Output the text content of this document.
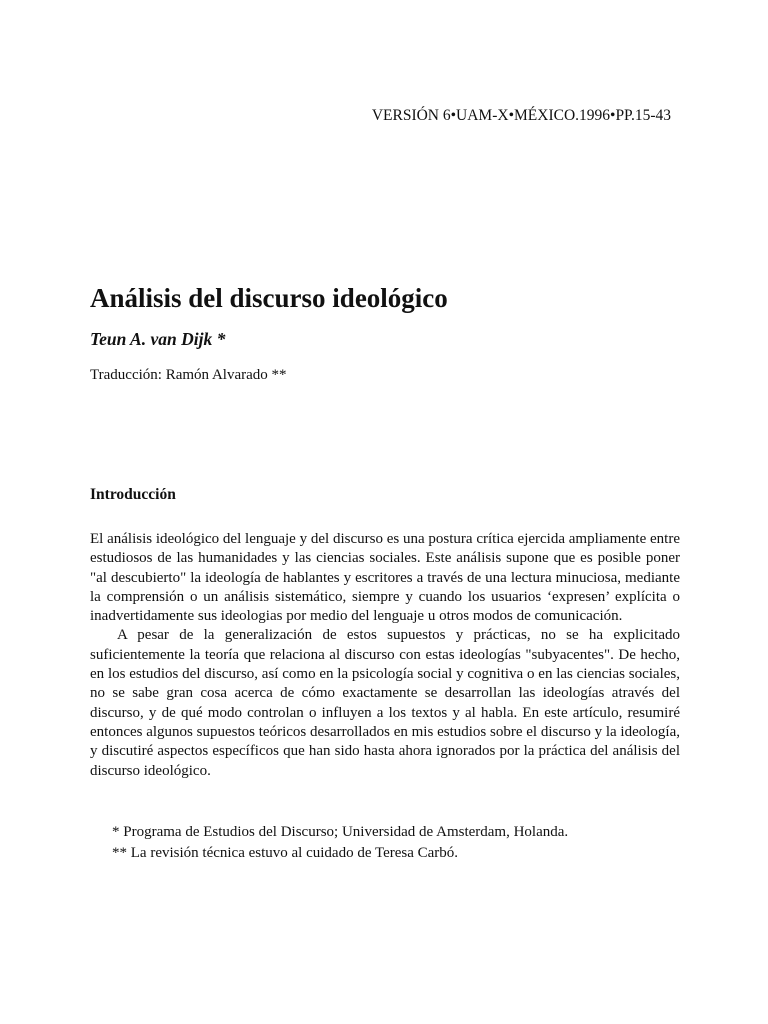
VERSIÓN 6•UAM-X•MÉXICO.1996•PP.15-43
Análisis del discurso ideológico
Teun A. van Dijk *
Traducción: Ramón Alvarado **
Introducción

El análisis ideológico del lenguaje y del discurso es una postura crítica ejercida ampliamente entre estudiosos de las humanidades y las ciencias sociales. Este análisis supone que es posible poner "al descubierto" la ideología de hablantes y escritores a través de una lectura minuciosa, mediante la comprensión o un análisis sistemático, siempre y cuando los usuarios ‘expresen’ explícita o inadvertidamente sus ideologias por medio del lenguaje u otros modos de comunicación.

A pesar de la generalización de estos supuestos y prácticas, no se ha explicitado suficientemente la teoría que relaciona al discurso con estas ideologías "subyacentes". De hecho, en los estudios del discurso, así como en la psicología social y cognitiva o en las ciencias sociales, no se sabe gran cosa acerca de cómo exactamente se desarrollan las ideologías através del discurso, y de qué modo controlan o influyen a los textos y al habla. En este artículo, resumiré entonces algunos supuestos teóricos desarrollados en mis estudios sobre el discurso y la ideología, y discutiré aspectos específicos que han sido hasta ahora ignorados por la práctica del análisis del discurso ideológico.

* Programa de Estudios del Discurso; Universidad de Amsterdam, Holanda.
** La revisión técnica estuvo al cuidado de Teresa Carbó.
